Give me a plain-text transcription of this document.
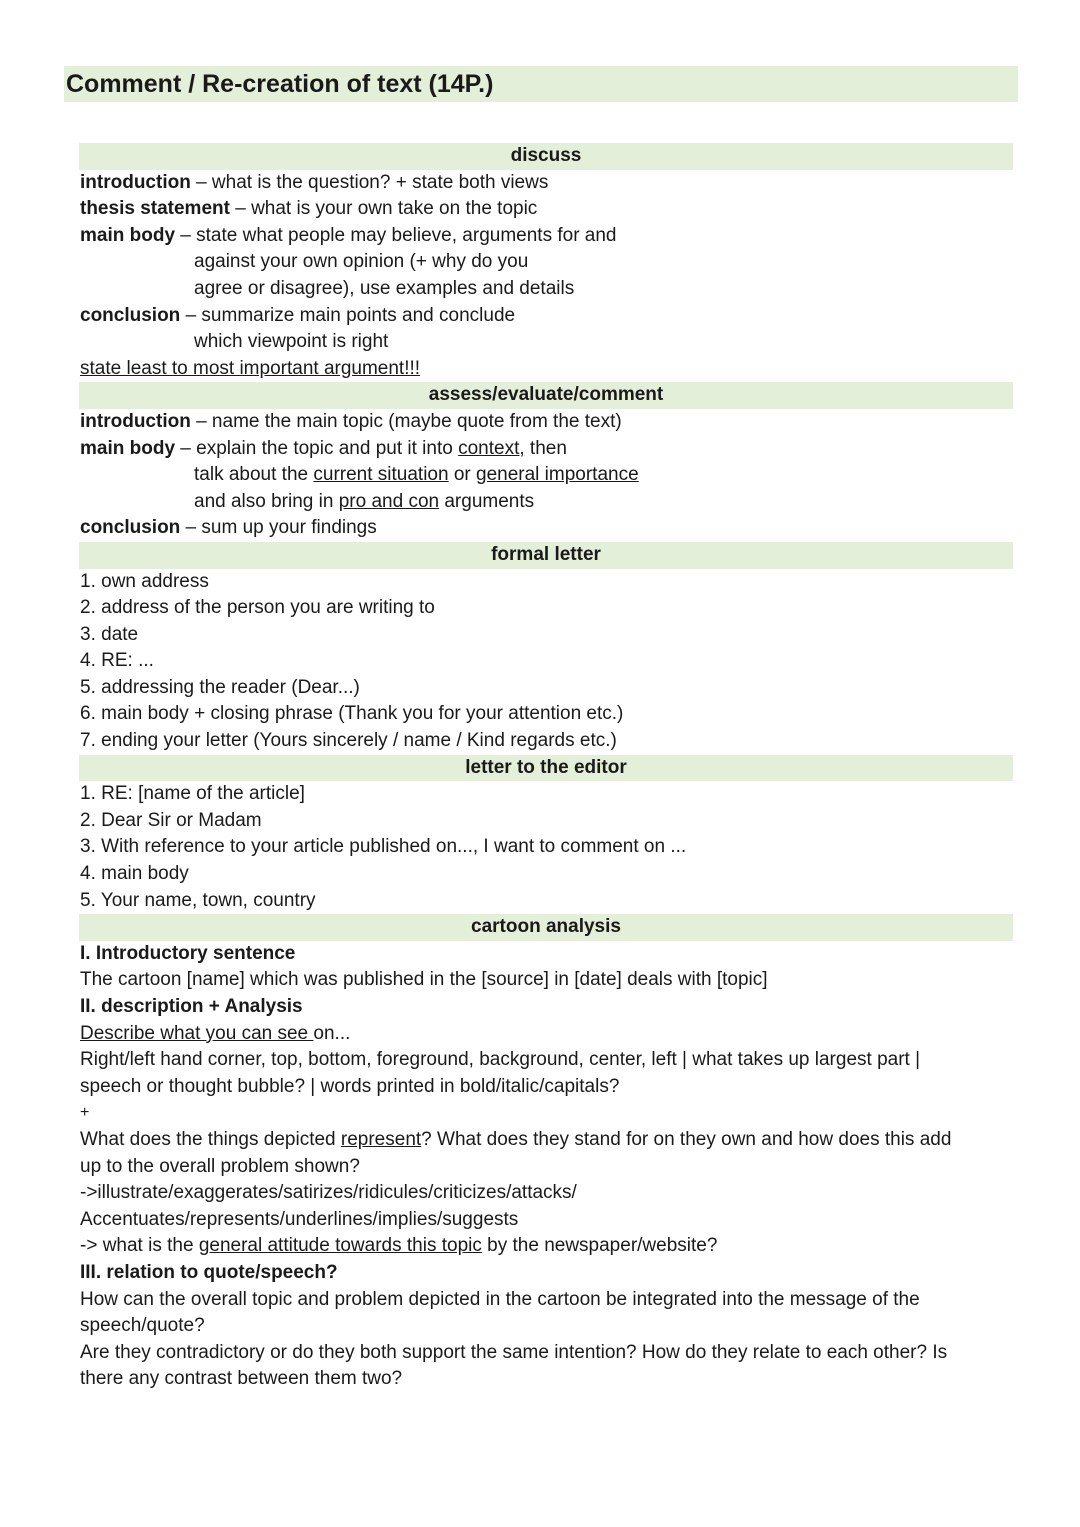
Comment / Re-creation of text (14P.)
discuss
introduction – what is the question? + state both views
thesis statement – what is your own take on the topic
main body – state what people may believe, arguments for and
against your own opinion (+ why do you
agree or disagree), use examples and details
conclusion – summarize main points and conclude
which viewpoint is right
state least to most important argument!!!
assess/evaluate/comment
introduction – name the main topic (maybe quote from the text)
main body – explain the topic and put it into context, then
talk about the current situation or general importance
and also bring in pro and con arguments
conclusion – sum up your findings
formal letter
1. own address
2. address of the person you are writing to
3. date
4. RE: ...
5. addressing the reader (Dear...)
6. main body + closing phrase (Thank you for your attention etc.)
7. ending your letter (Yours sincerely / name / Kind regards etc.)
letter to the editor
1. RE: [name of the article]
2. Dear Sir or Madam
3. With reference to your article published on..., I want to comment on ...
4. main body
5. Your name, town, country
cartoon analysis
I. Introductory sentence
The cartoon [name] which was published in the [source] in [date] deals with [topic]
II. description + Analysis
Describe what you can see on...
Right/left hand corner, top, bottom, foreground, background, center, left | what takes up largest part |
speech or thought bubble? | words printed in bold/italic/capitals?
+
What does the things depicted represent? What does they stand for on they own and how does this add
up to the overall problem shown?
->illustrate/exaggerates/satirizes/ridicules/criticizes/attacks/
Accentuates/represents/underlines/implies/suggests
-> what is the general attitude towards this topic by the newspaper/website?
III. relation to quote/speech?
How can the overall topic and problem depicted in the cartoon be integrated into the message of the
speech/quote?
Are they contradictory or do they both support the same intention? How do they relate to each other? Is
there any contrast between them two?
